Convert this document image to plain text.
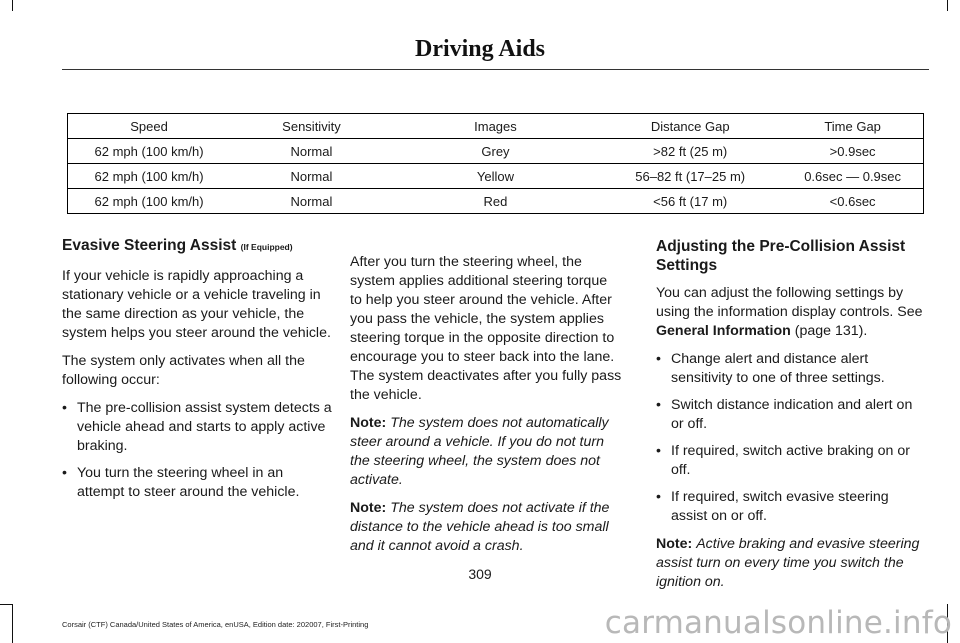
Driving Aids
Speed	Sensitivity	Images	Distance Gap	Time Gap
62 mph (100 km/h)	Normal	Grey	>82 ft (25 m)	>0.9sec
62 mph (100 km/h)	Normal	Yellow	56–82 ft (17–25 m)	0.6sec — 0.9sec
62 mph (100 km/h)	Normal	Red	<56 ft (17 m)	<0.6sec
Evasive Steering Assist (If Equipped)

If your vehicle is rapidly approaching a stationary vehicle or a vehicle traveling in the same direction as your vehicle, the system helps you steer around the vehicle.

The system only activates when all the following occur:

• The pre-collision assist system detects a vehicle ahead and starts to apply active braking.
• You turn the steering wheel in an attempt to steer around the vehicle.

After you turn the steering wheel, the system applies additional steering torque to help you steer around the vehicle. After you pass the vehicle, the system applies steering torque in the opposite direction to encourage you to steer back into the lane. The system deactivates after you fully pass the vehicle.

Note: The system does not automatically steer around a vehicle. If you do not turn the steering wheel, the system does not activate.

Note: The system does not activate if the distance to the vehicle ahead is too small and it cannot avoid a crash.

Adjusting the Pre-Collision Assist Settings

You can adjust the following settings by using the information display controls. See General Information (page 131).

• Change alert and distance alert sensitivity to one of three settings.
• Switch distance indication and alert on or off.
• If required, switch active braking on or off.
• If required, switch evasive steering assist on or off.

Note: Active braking and evasive steering assist turn on every time you switch the ignition on.

309
Corsair (CTF) Canada/United States of America, enUSA, Edition date: 202007, First-Printing	carmanualsonline.info
